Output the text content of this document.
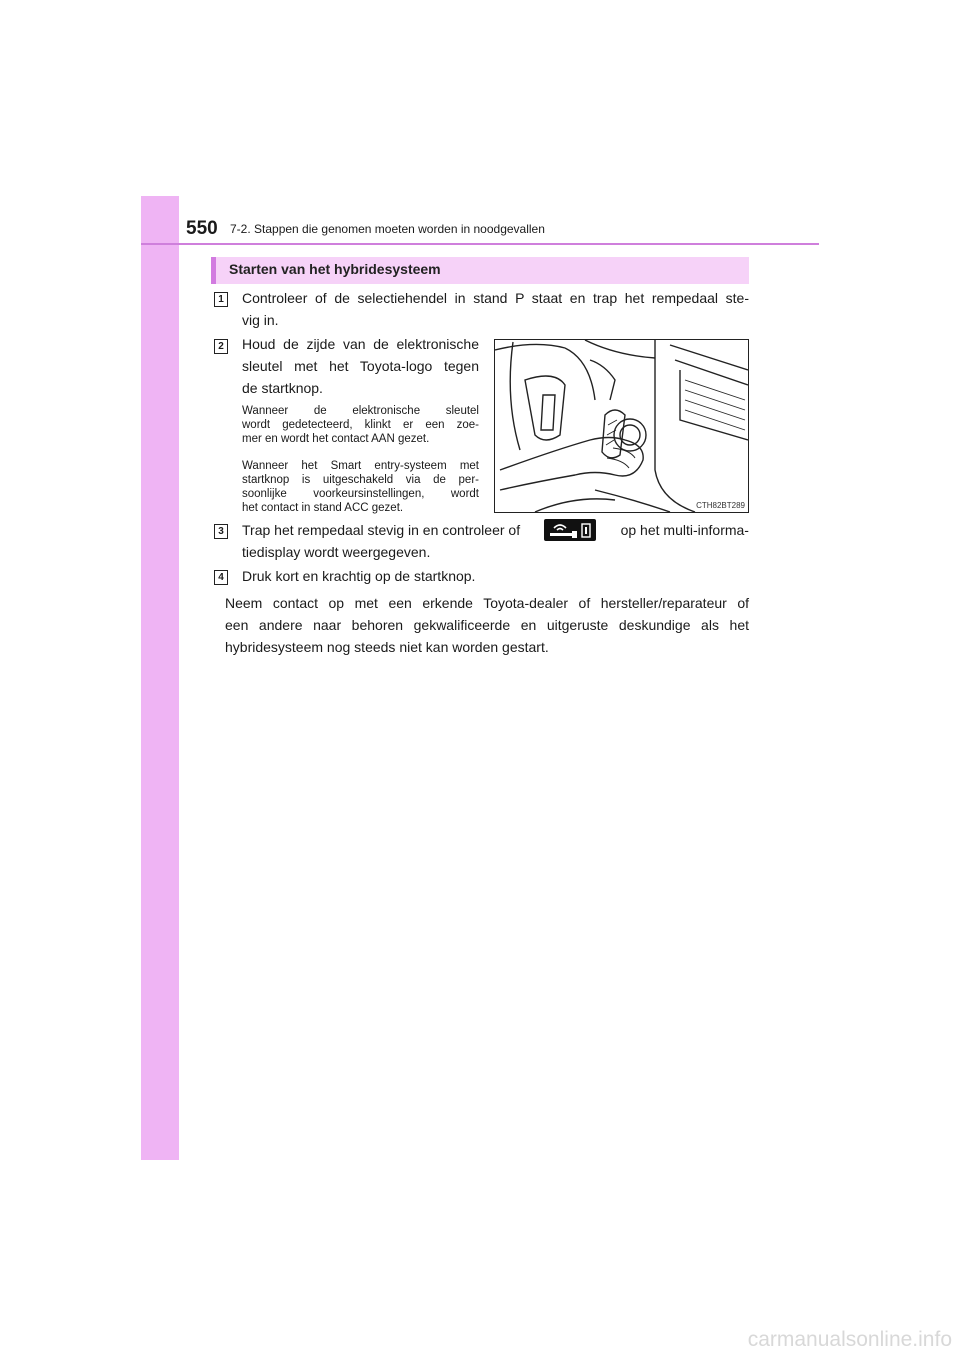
550 7-2. Stappen die genomen moeten worden in noodgevallen
Starten van het hybridesysteem
1	Controleer of de selectiehendel in stand P staat en trap het rempedaal ste-
vig in.
2	Houd de zijde van de elektronische
sleutel met het Toyota-logo tegen
de startknop.
Wanneer de elektronische sleutel
wordt gedetecteerd, klinkt er een zoe-
mer en wordt het contact AAN gezet.
Wanneer het Smart entry-systeem met
startknop is uitgeschakeld via de per-
soonlijke voorkeursinstellingen, wordt
het contact in stand ACC gezet.	CTH82BT289
3	Trap het rempedaal stevig in en controleer of	op het multi-informa-
tiedisplay wordt weergegeven.
4	Druk kort en krachtig op de startknop.
Neem contact op met een erkende Toyota-dealer of hersteller/reparateur of
een andere naar behoren gekwalificeerde en uitgeruste deskundige als het
hybridesysteem nog steeds niet kan worden gestart.
carmanualsonline.info
